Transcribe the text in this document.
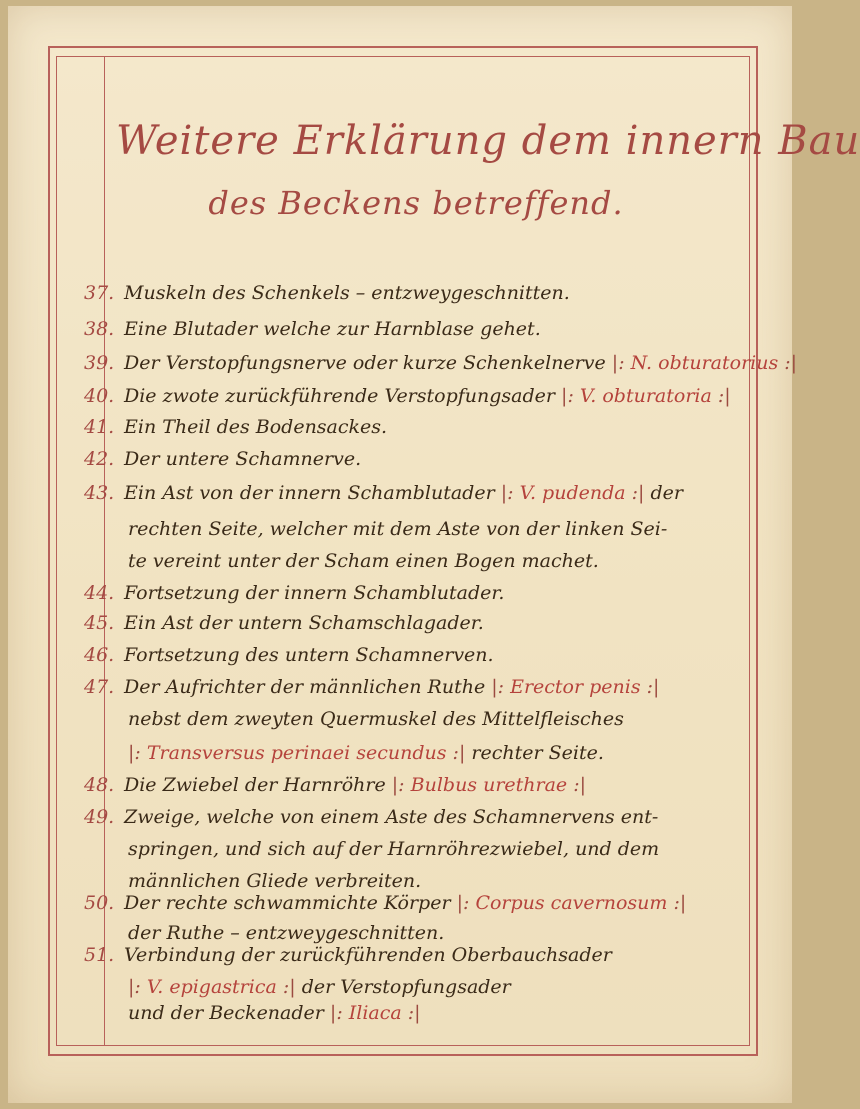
Weitere Erklärung dem innern Bau
des Beckens betreffend.
37. Muskeln des Schenkels – entzweygeschnitten.
38. Eine Blutader welche zur Harnblase gehet.
39. Der Verstopfungsnerve oder kurze Schenkelnerve |: N. obturatorius :|
40. Die zwote zurückführende Verstopfungsader |: V. obturatoria :|
41. Ein Theil des Bodensackes.
42. Der untere Schamnerve.
43. Ein Ast von der innern Schamblutader |: V. pudenda :| der
rechten Seite, welcher mit dem Aste von der linken Sei-
te vereint unter der Scham einen Bogen machet.
44. Fortsetzung der innern Schamblutader.
45. Ein Ast der untern Schamschlagader.
46. Fortsetzung des untern Schamnerven.
47. Der Aufrichter der männlichen Ruthe |: Erector penis :|
nebst dem zweyten Quermuskel des Mittelfleisches
|: Transversus perinaei secundus :| rechter Seite.
48. Die Zwiebel der Harnröhre |: Bulbus urethrae :|
49. Zweige, welche von einem Aste des Schamnervens ent-
springen, und sich auf der Harnröhrezwiebel, und dem
männlichen Gliede verbreiten.
50. Der rechte schwammichte Körper |: Corpus cavernosum :|
der Ruthe – entzweygeschnitten.
51. Verbindung der zurückführenden Oberbauchsader
|: V. epigastrica :| der Verstopfungsader
und der Beckenader |: Iliaca :|
